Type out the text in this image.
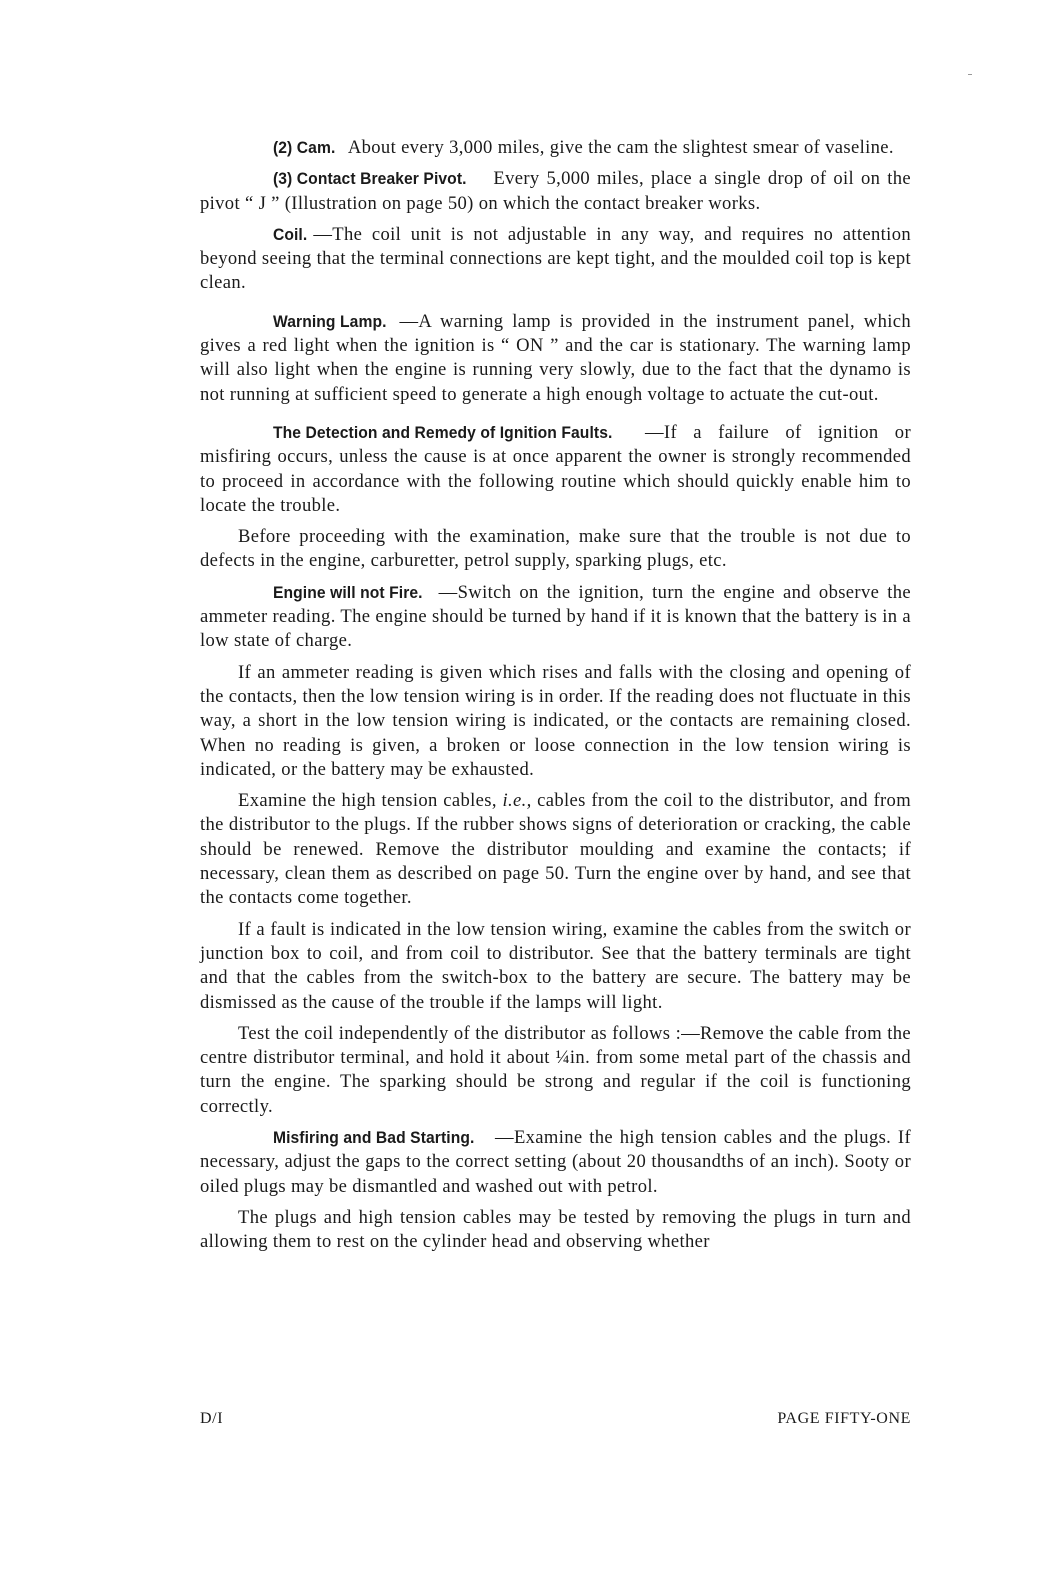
(2) Cam. About every 3,000 miles, give the cam the slightest smear of vaseline.

(3) Contact Breaker Pivot. Every 5,000 miles, place a single drop of oil on the pivot “ J ” (Illustration on page 50) on which the contact breaker works.

Coil. —The coil unit is not adjustable in any way, and requires no attention beyond seeing that the terminal connections are kept tight, and the moulded coil top is kept clean.

Warning Lamp. —A warning lamp is provided in the instrument panel, which gives a red light when the ignition is “ ON ” and the car is stationary. The warning lamp will also light when the engine is running very slowly, due to the fact that the dynamo is not running at sufficient speed to generate a high enough voltage to actuate the cut-out.

The Detection and Remedy of Ignition Faults. —If a failure of ignition or misfiring occurs, unless the cause is at once apparent the owner is strongly recommended to proceed in accordance with the following routine which should quickly enable him to locate the trouble.

Before proceeding with the examination, make sure that the trouble is not due to defects in the engine, carburetter, petrol supply, sparking plugs, etc.

Engine will not Fire. —Switch on the ignition, turn the engine and observe the ammeter reading. The engine should be turned by hand if it is known that the battery is in a low state of charge.

If an ammeter reading is given which rises and falls with the closing and opening of the contacts, then the low tension wiring is in order. If the reading does not fluctuate in this way, a short in the low tension wiring is indicated, or the contacts are remaining closed. When no reading is given, a broken or loose connection in the low tension wiring is indicated, or the battery may be exhausted.

Examine the high tension cables, i.e., cables from the coil to the distributor, and from the distributor to the plugs. If the rubber shows signs of deterioration or cracking, the cable should be renewed. Remove the distributor moulding and examine the contacts; if necessary, clean them as described on page 50. Turn the engine over by hand, and see that the contacts come together.

If a fault is indicated in the low tension wiring, examine the cables from the switch or junction box to coil, and from coil to distributor. See that the battery terminals are tight and that the cables from the switch-box to the battery are secure. The battery may be dismissed as the cause of the trouble if the lamps will light.

Test the coil independently of the distributor as follows :—Remove the cable from the centre distributor terminal, and hold it about ¼in. from some metal part of the chassis and turn the engine. The sparking should be strong and regular if the coil is functioning correctly.

Misfiring and Bad Starting. —Examine the high tension cables and the plugs. If necessary, adjust the gaps to the correct setting (about 20 thousandths of an inch). Sooty or oiled plugs may be dismantled and washed out with petrol.

The plugs and high tension cables may be tested by removing the plugs in turn and allowing them to rest on the cylinder head and observing whether

D/I	PAGE FIFTY-ONE
